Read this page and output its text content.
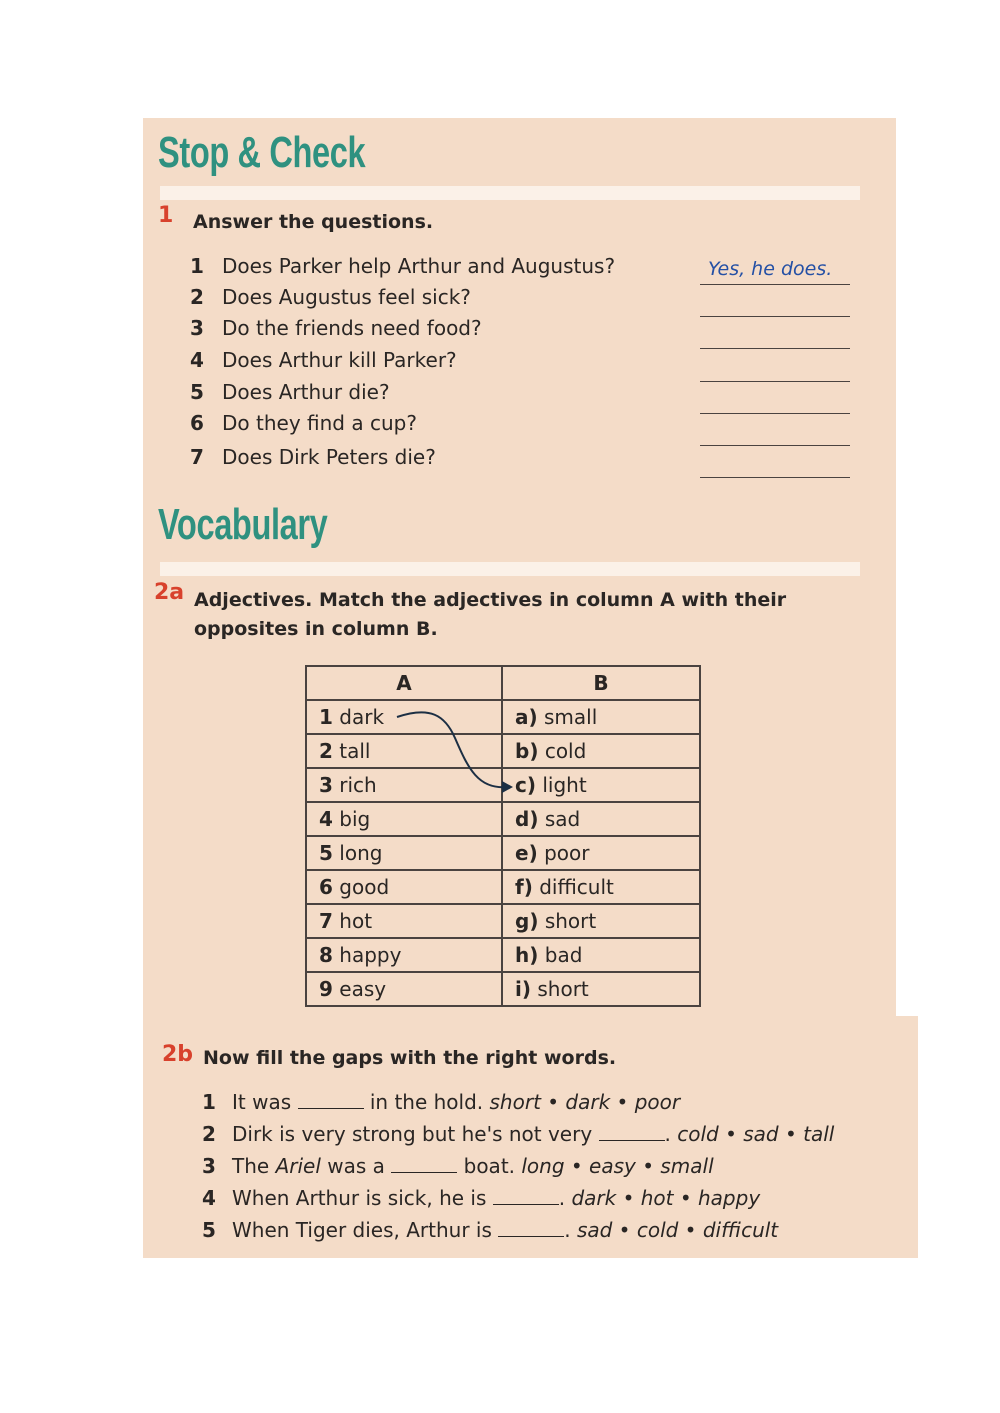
Stop & Check
1 Answer the questions.
1 Does Parker help Arthur and Augustus?	Yes, he does.
2 Does Augustus feel sick?
3 Do the friends need food?
4 Does Arthur kill Parker?
5 Does Arthur die?
6 Do they find a cup?
7 Does Dirk Peters die?
Vocabulary
2a Adjectives. Match the adjectives in column A with their
opposites in column B.
A	B
1 dark	a) small
2 tall	b) cold
3 rich	c) light
4 big	d) sad
5 long	e) poor
6 good	f) difficult
7 hot	g) short
8 happy	h) bad
9 easy	i) short
2b Now fill the gaps with the right words.
1 It was	in the hold. short • dark • poor
2 Dirk is very strong but he's not very	. cold • sad • tall
3 The Ariel was a	boat. long • easy • small
4 When Arthur is sick, he is	. dark • hot • happy
5 When Tiger dies, Arthur is	. sad • cold • difficult
